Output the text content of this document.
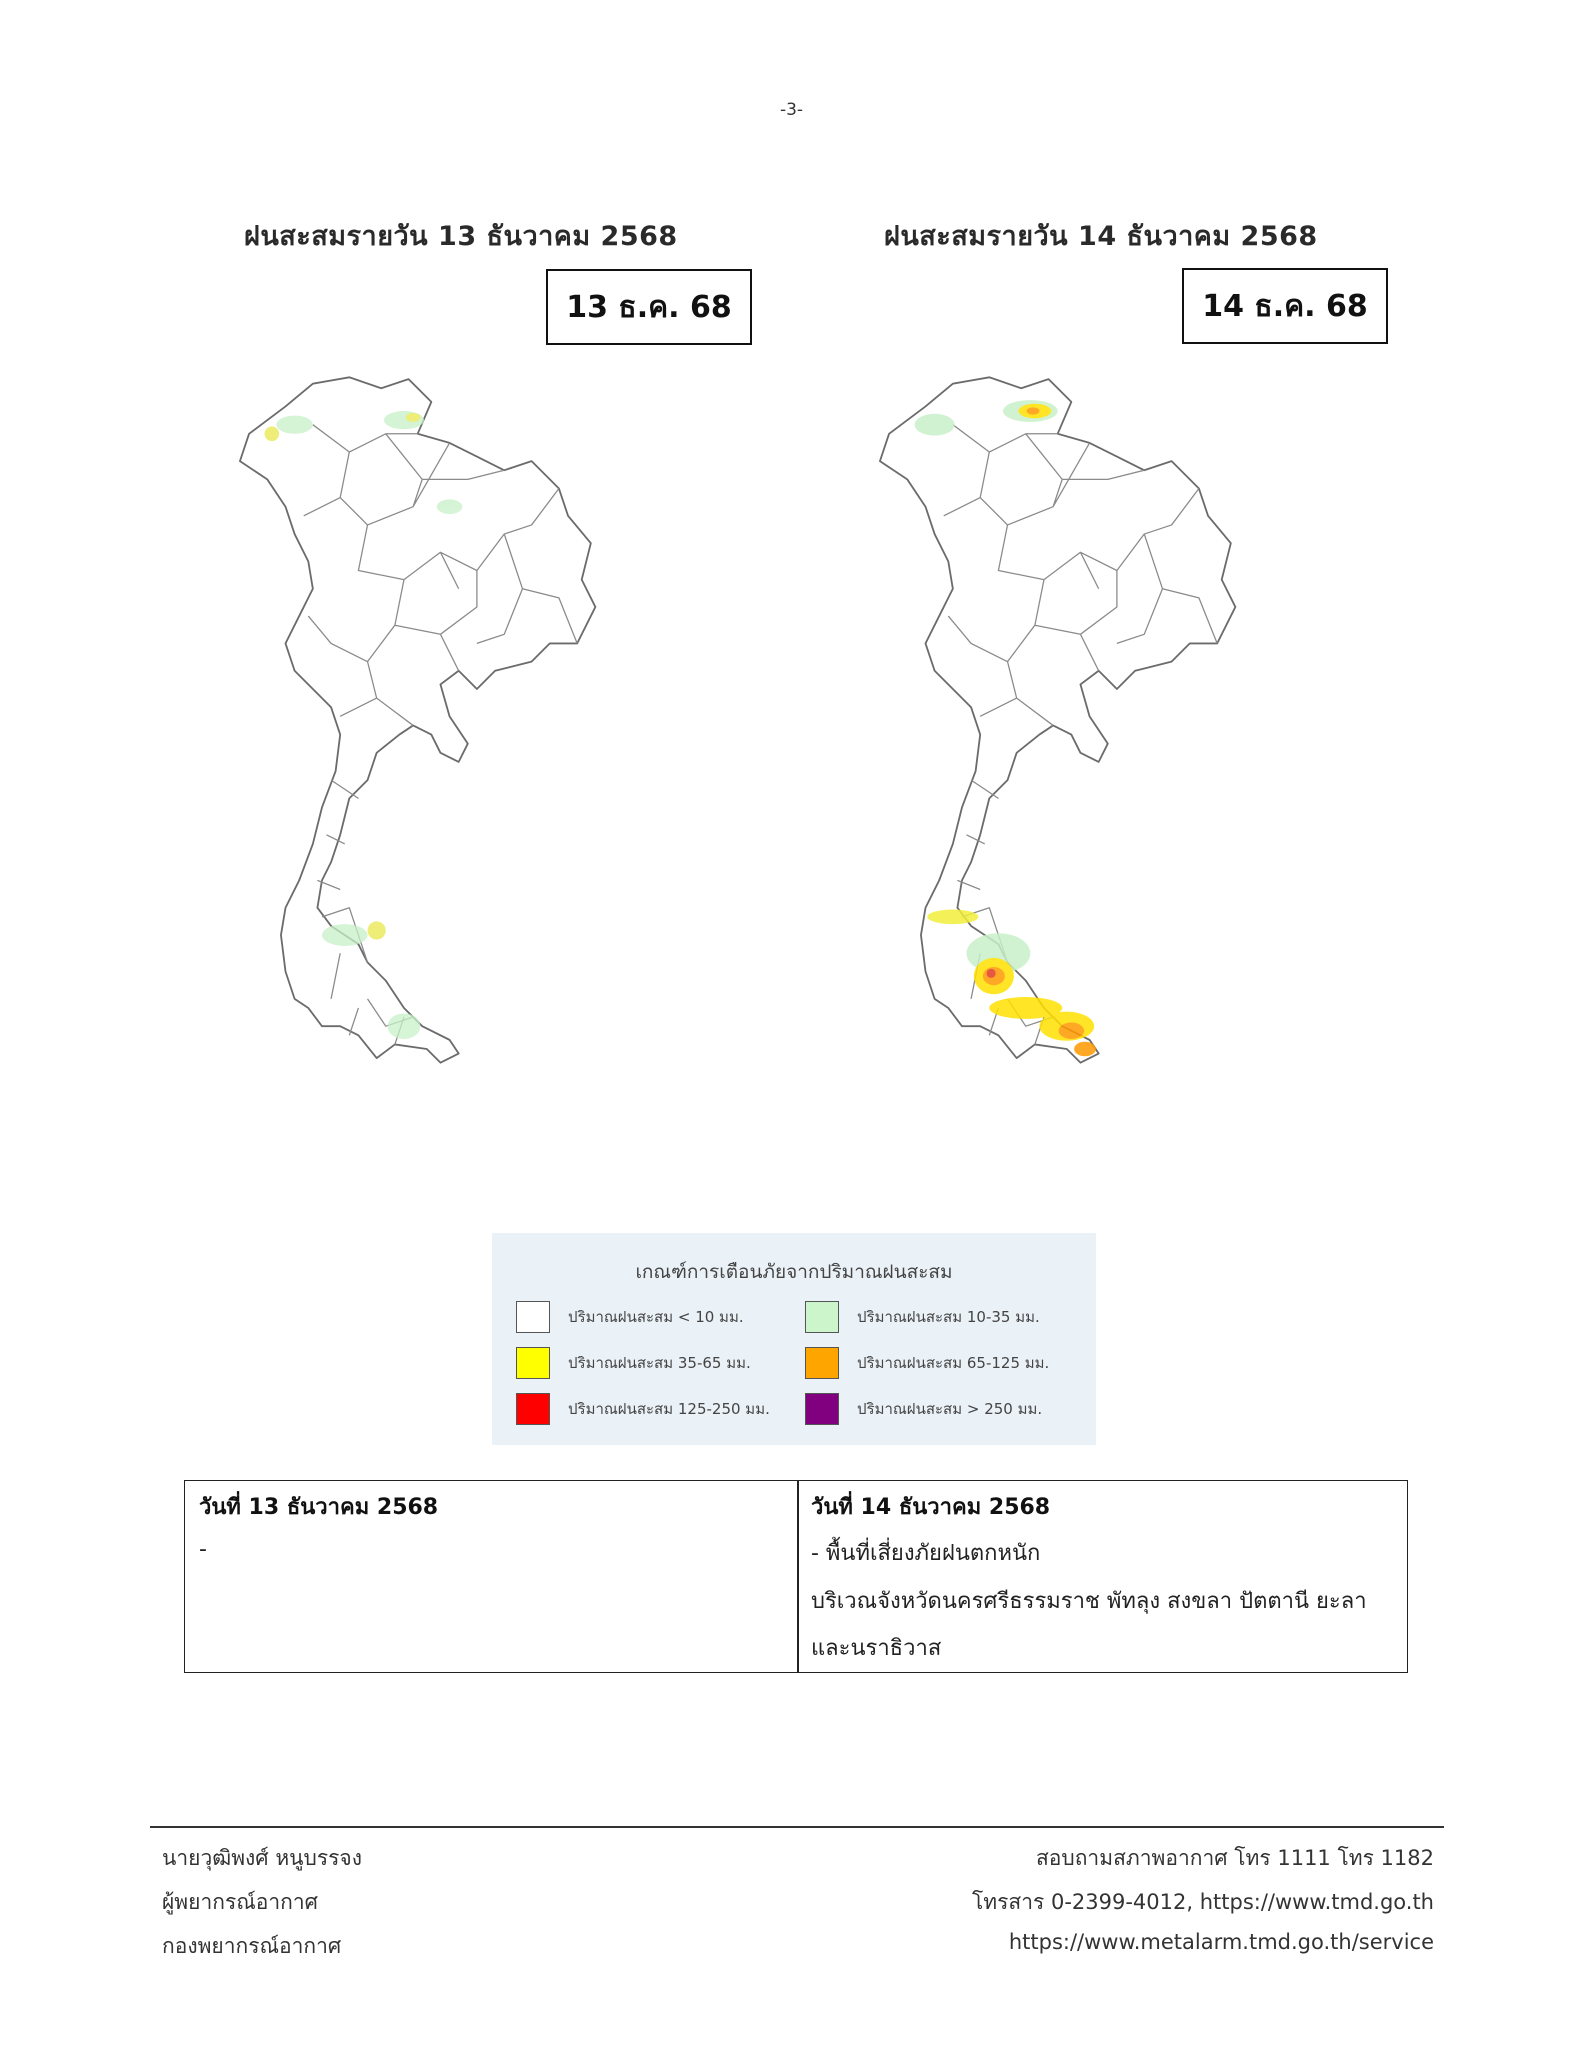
-3-
ฝนสะสมรายวัน 13 ธันวาคม 2568
13 ธ.ค. 68
ฝนสะสมรายวัน 14 ธันวาคม 2568
14 ธ.ค. 68
เกณฑ์การเตือนภัยจากปริมาณฝนสะสม
ปริมาณฝนสะสม < 10 มม.	ปริมาณฝนสะสม 10-35 มม.
ปริมาณฝนสะสม 35-65 มม.	ปริมาณฝนสะสม 65-125 มม.
ปริมาณฝนสะสม 125-250 มม.	ปริมาณฝนสะสม > 250 มม.
วันที่ 13 ธันวาคม 2568
-
วันที่ 14 ธันวาคม 2568
- พื้นที่เสี่ยงภัยฝนตกหนัก
บริเวณจังหวัดนครศรีธรรมราช พัทลุง สงขลา ปัตตานี ยะลา
และนราธิวาส
นายวุฒิพงศ์ หนูบรรจง
ผู้พยากรณ์อากาศ
กองพยากรณ์อากาศ
สอบถามสภาพอากาศ โทร 1111 โทร 1182
โทรสาร 0-2399-4012, https://www.tmd.go.th
https://www.metalarm.tmd.go.th/service
